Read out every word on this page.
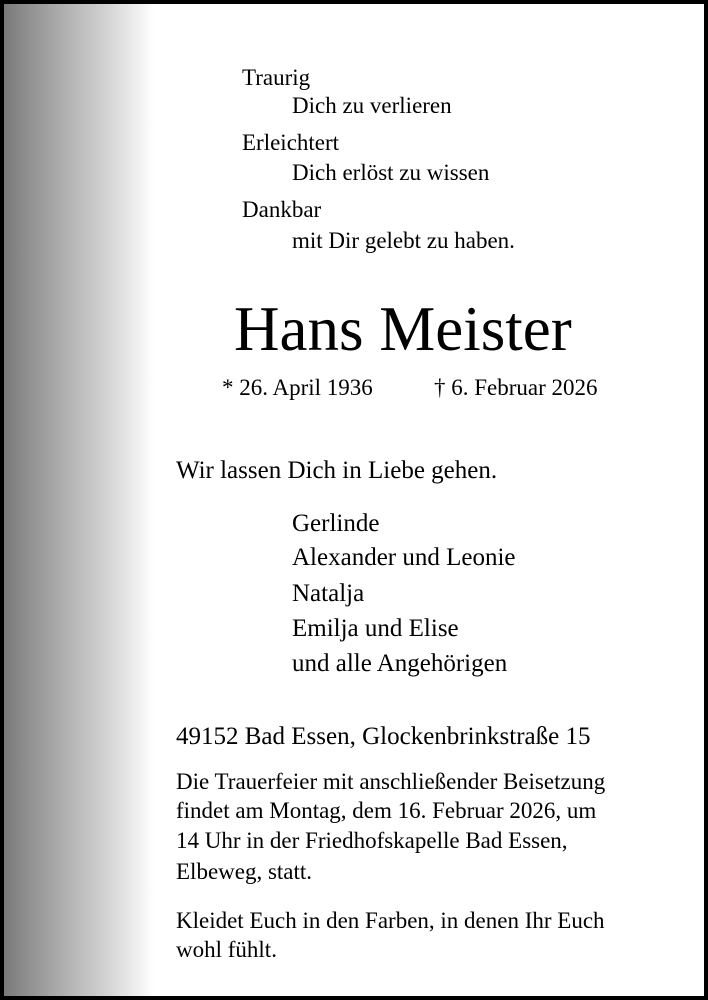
Traurig
Dich zu verlieren
Erleichtert
Dich erlöst zu wissen
Dankbar
mit Dir gelebt zu haben.
Hans Meister
* 26. April 1936	† 6. Februar 2026
Wir lassen Dich in Liebe gehen.
Gerlinde
Alexander und Leonie
Natalja
Emilja und Elise
und alle Angehörigen
49152 Bad Essen, Glockenbrinkstraße 15
Die Trauerfeier mit anschließender Beisetzung
findet am Montag, dem 16. Februar 2026, um
14 Uhr in der Friedhofskapelle Bad Essen,
Elbeweg, statt.
Kleidet Euch in den Farben, in denen Ihr Euch
wohl fühlt.
